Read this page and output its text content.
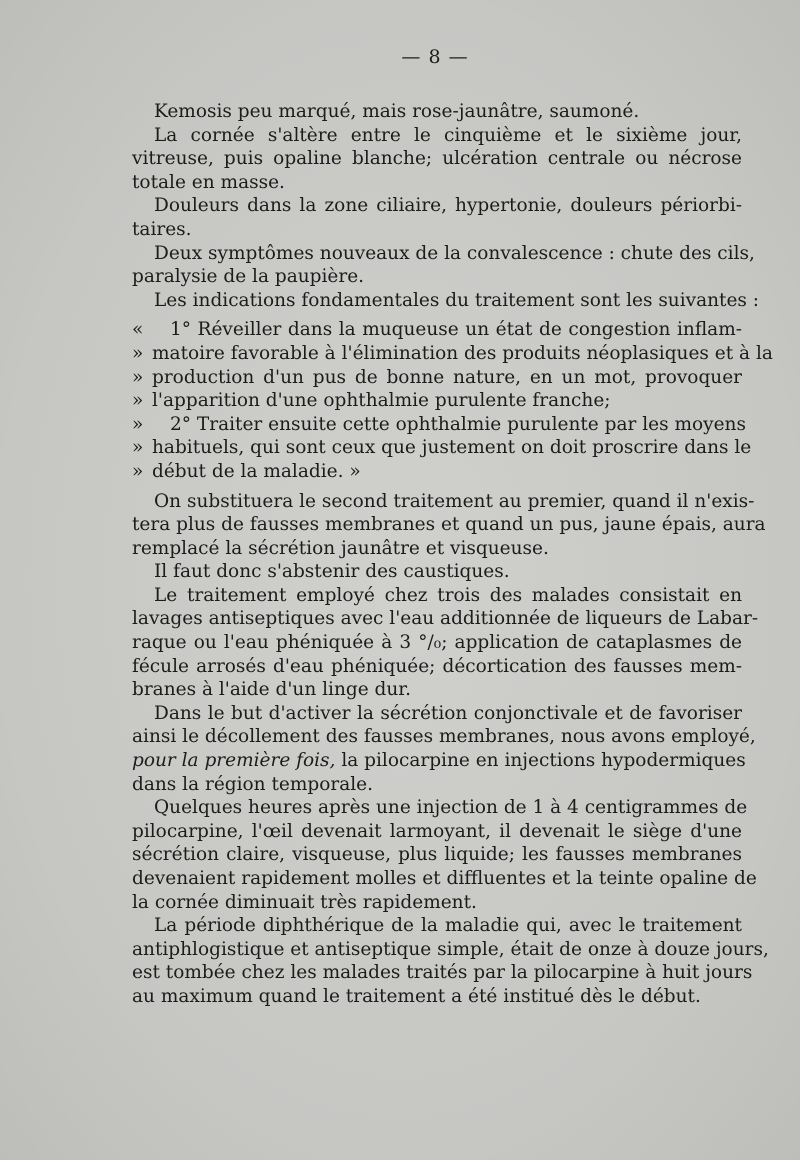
— 8 —
Kemosis peu marqué, mais rose-jaunâtre, saumoné.
La cornée s'altère entre le cinquième et le sixième jour,
vitreuse, puis opaline blanche; ulcération centrale ou nécrose
totale en masse.
Douleurs dans la zone ciliaire, hypertonie, douleurs périorbi-
taires.
Deux symptômes nouveaux de la convalescence : chute des cils,
paralysie de la paupière.
Les indications fondamentales du traitement sont les suivantes :
«	1° Réveiller dans la muqueuse un état de congestion inflam-
» matoire favorable à l'élimination des produits néoplasiques et à la
» production d'un pus de bonne nature, en un mot, provoquer
» l'apparition d'une ophthalmie purulente franche;
»	2° Traiter ensuite cette ophthalmie purulente par les moyens
» habituels, qui sont ceux que justement on doit proscrire dans le
» début de la maladie. »
On substituera le second traitement au premier, quand il n'exis-
tera plus de fausses membranes et quand un pus, jaune épais, aura
remplacé la sécrétion jaunâtre et visqueuse.
Il faut donc s'abstenir des caustiques.
Le traitement employé chez trois des malades consistait en
lavages antiseptiques avec l'eau additionnée de liqueurs de Labar-
raque ou l'eau phéniquée à 3 °/₀; application de cataplasmes de
fécule arrosés d'eau phéniquée; décortication des fausses mem-
branes à l'aide d'un linge dur.
Dans le but d'activer la sécrétion conjonctivale et de favoriser
ainsi le décollement des fausses membranes, nous avons employé,
pour la première fois, la pilocarpine en injections hypodermiques
dans la région temporale.
Quelques heures après une injection de 1 à 4 centigrammes de
pilocarpine, l'œil devenait larmoyant, il devenait le siège d'une
sécrétion claire, visqueuse, plus liquide; les fausses membranes
devenaient rapidement molles et diffluentes et la teinte opaline de
la cornée diminuait très rapidement.
La période diphthérique de la maladie qui, avec le traitement
antiphlogistique et antiseptique simple, était de onze à douze jours,
est tombée chez les malades traités par la pilocarpine à huit jours
au maximum quand le traitement a été institué dès le début.
